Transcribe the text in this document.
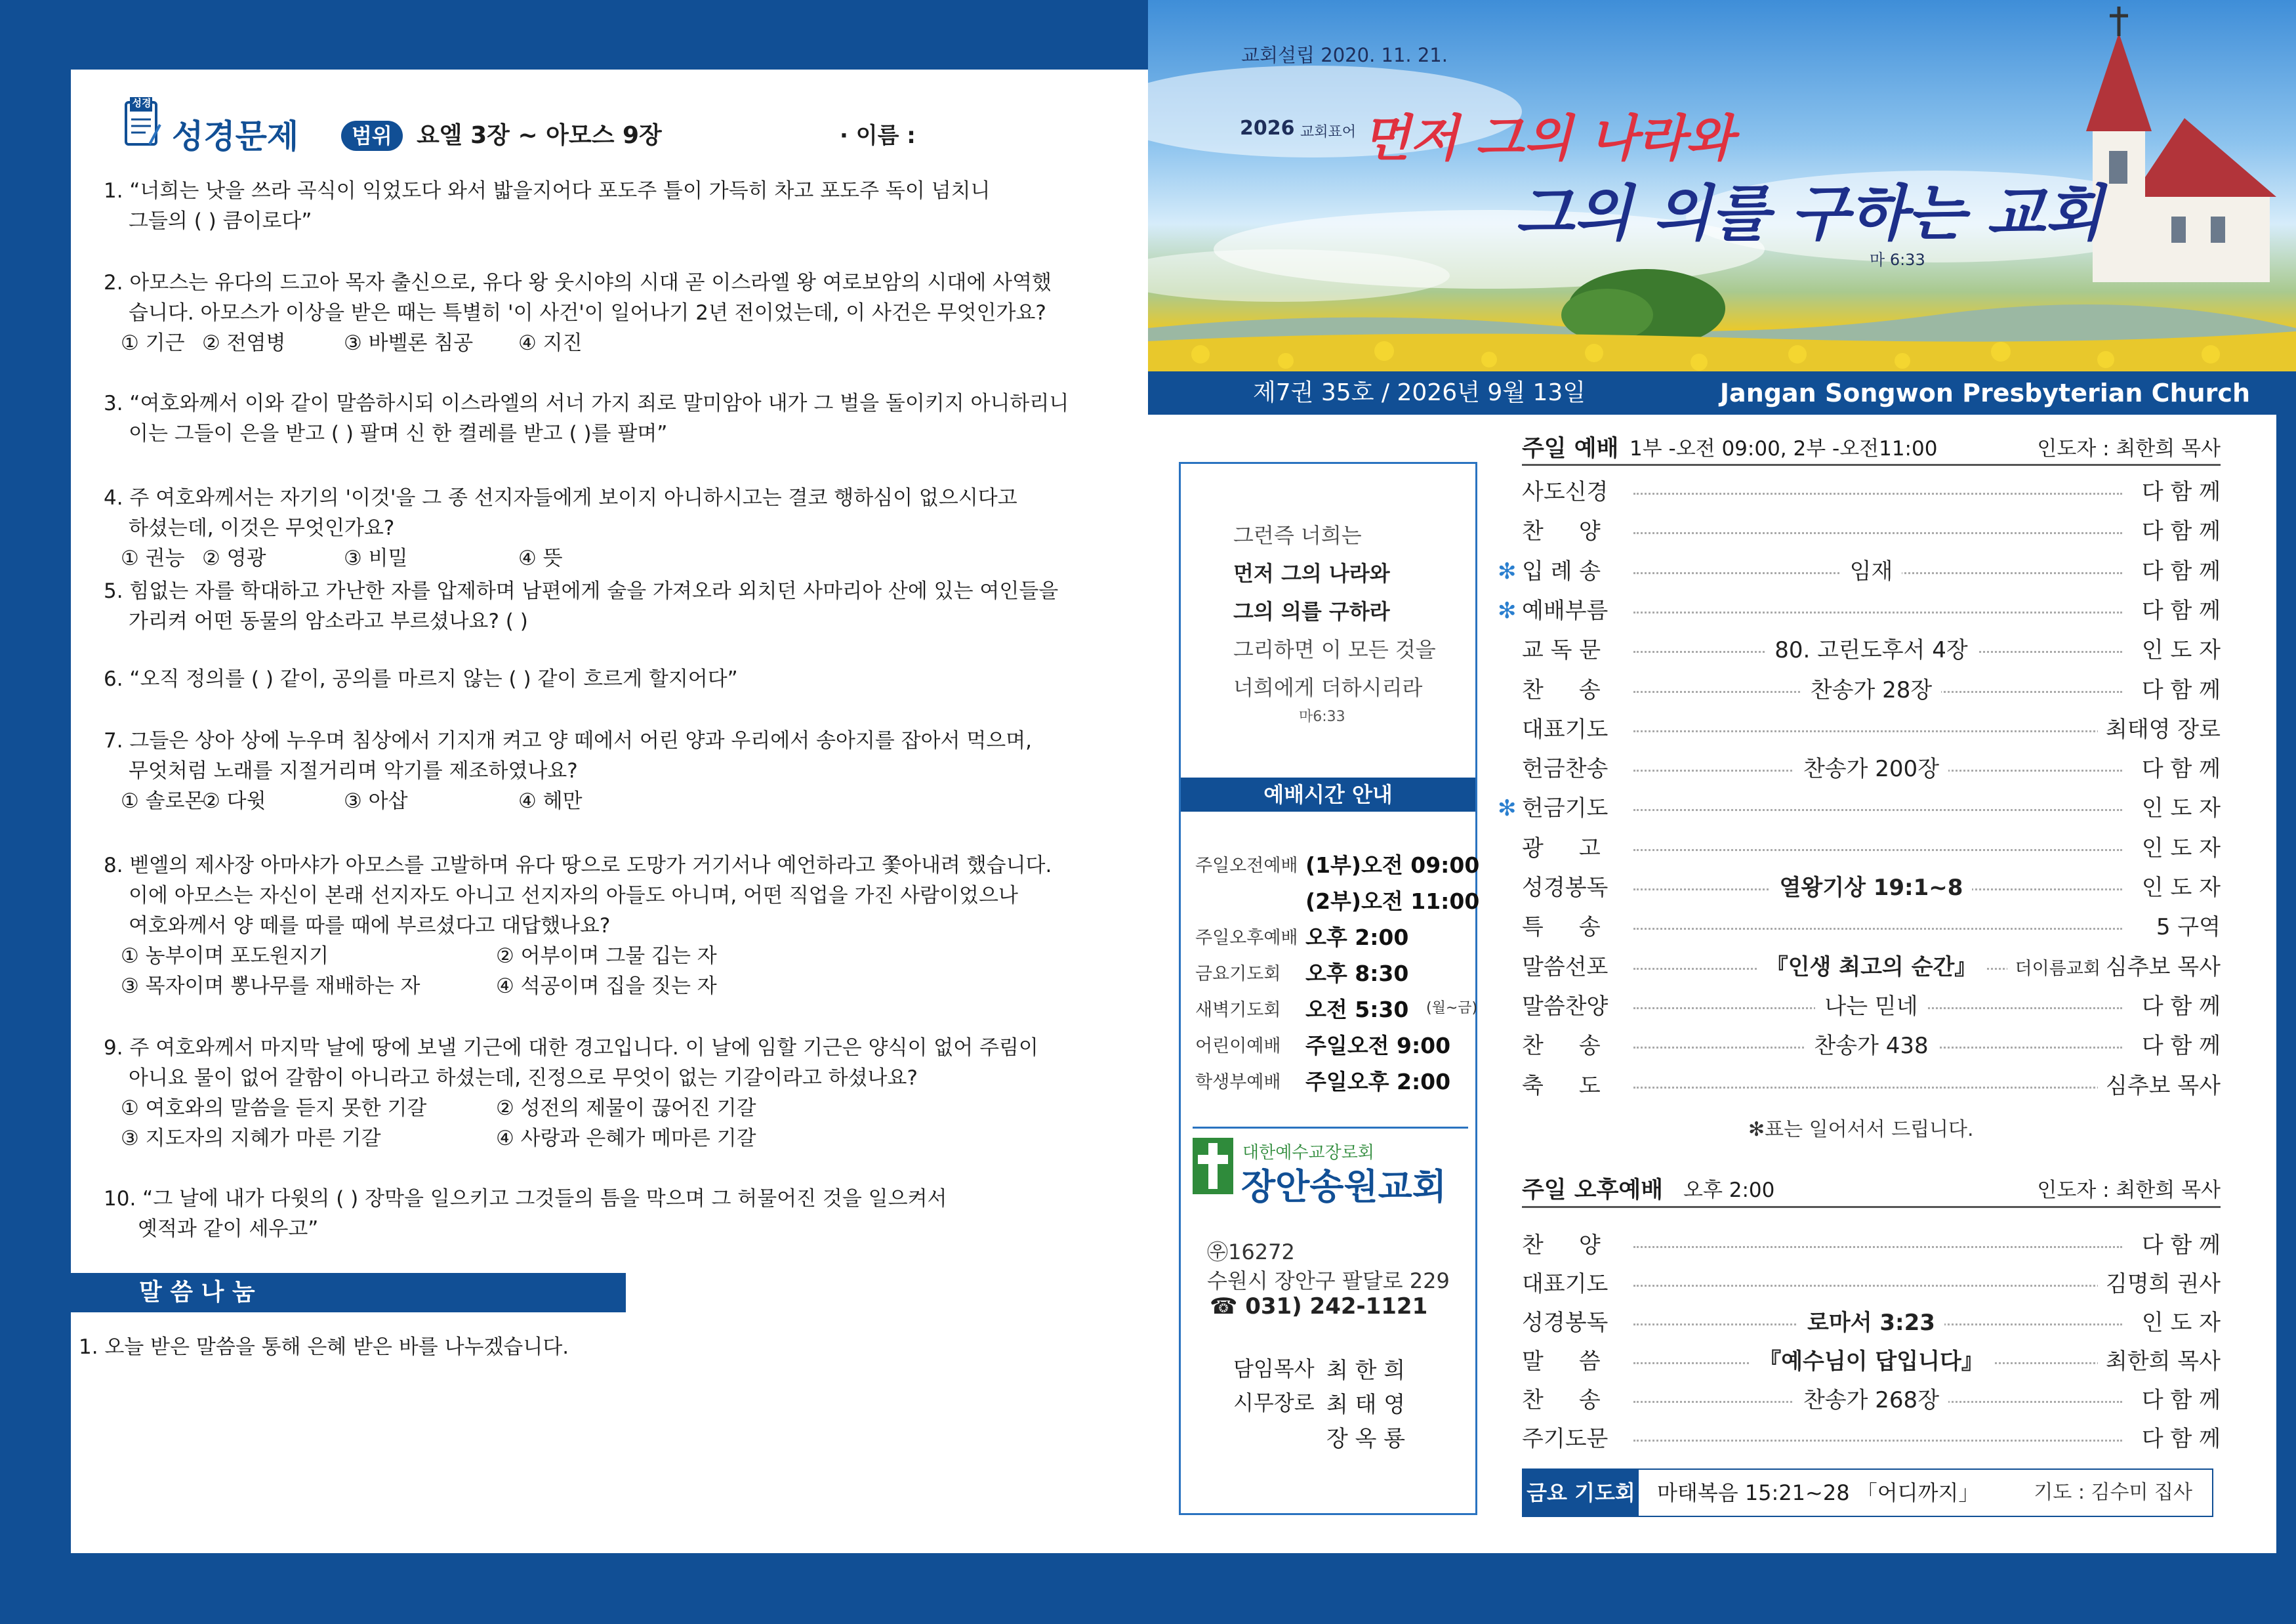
성경
성경문제	범위	요엘 3장 ~ 아모스 9장	· 이름 :
1. “너희는 낫을 쓰라 곡식이 익었도다 와서 밟을지어다 포도주 틀이 가득히 차고 포도주 독이 넘치니
그들의 ( ) 큼이로다”
2. 아모스는 유다의 드고아 목자 출신으로, 유다 왕 웃시야의 시대 곧 이스라엘 왕 여로보암의 시대에 사역했
습니다. 아모스가 이상을 받은 때는 특별히 '이 사건'이 일어나기 2년 전이었는데, 이 사건은 무엇인가요?
① 기근 ② 전염병	③ 바벨론 침공 ④ 지진
3. “여호와께서 이와 같이 말씀하시되 이스라엘의 서너 가지 죄로 말미암아 내가 그 벌을 돌이키지 아니하리니
이는 그들이 은을 받고 ( ) 팔며 신 한 켤레를 받고 ( )를 팔며”
4. 주 여호와께서는 자기의 '이것'을 그 종 선지자들에게 보이지 아니하시고는 결코 행하심이 없으시다고
하셨는데, 이것은 무엇인가요?
① 권능 ② 영광	③ 비밀	④ 뜻
5. 힘없는 자를 학대하고 가난한 자를 압제하며 남편에게 술을 가져오라 외치던 사마리아 산에 있는 여인들을
가리켜 어떤 동물의 암소라고 부르셨나요? ( )
6. “오직 정의를 ( ) 같이, 공의를 마르지 않는 ( ) 같이 흐르게 할지어다”
7. 그들은 상아 상에 누우며 침상에서 기지개 켜고 양 떼에서 어린 양과 우리에서 송아지를 잡아서 먹으며,
무엇처럼 노래를 지절거리며 악기를 제조하였나요?
① 솔로몬
② 다윗	③ 아삽	④ 헤만
8. 벧엘의 제사장 아마샤가 아모스를 고발하며 유다 땅으로 도망가 거기서나 예언하라고 쫓아내려 했습니다.
이에 아모스는 자신이 본래 선지자도 아니고 선지자의 아들도 아니며, 어떤 직업을 가진 사람이었으나
여호와께서 양 떼를 따를 때에 부르셨다고 대답했나요?
① 농부이며 포도원지기	② 어부이며 그물 깁는 자
③ 목자이며 뽕나무를 재배하는 자	④ 석공이며 집을 짓는 자
9. 주 여호와께서 마지막 날에 땅에 보낼 기근에 대한 경고입니다. 이 날에 임할 기근은 양식이 없어 주림이
아니요 물이 없어 갈함이 아니라고 하셨는데, 진정으로 무엇이 없는 기갈이라고 하셨나요?
① 여호와의 말씀을 듣지 못한 기갈	② 성전의 제물이 끊어진 기갈
③ 지도자의 지혜가 마른 기갈	④ 사랑과 은혜가 메마른 기갈
10. “그 날에 내가 다윗의 ( ) 장막을 일으키고 그것들의 틈을 막으며 그 허물어진 것을 일으켜서
옛적과 같이 세우고”
말 씀 나 눔
1. 오늘 받은 말씀을 통해 은혜 받은 바를 나누겠습니다.
교회설립 2020. 11. 21.
2026 교회표어 먼저 그의 나라와
그의 의를 구하는 교회
마 6:33
제7권 35호 / 2026년 9월 13일	Jangan Songwon Presbyterian Church
그런즉 너희는
먼저 그의 나라와
그의 의를 구하라
그리하면 이 모든 것을
너희에게 더하시리라
마6:33
예배시간 안내
주일오전예배 (1부)오전 09:00
(2부)오전 11:00
주일오후예배 오후 2:00
금요기도회 오후 8:30
새벽기도회 오전 5:30 (월~금)
어린이예배 주일오전 9:00
학생부예배 주일오후 2:00
대한예수교장로회
장안송원교회
㉾16272
수원시 장안구 팔달로 229
☎ 031) 242-1121
담임목사 최 한 희
시무장로 최 태 영
장 옥 룡
주일 예배 1부 -오전 09:00, 2부 -오전11:00	인도자 : 최한희 목사
사도신경	다 함 께
찬     양	다 함 께
✻ 입 례 송	임재	다 함 께
✻ 예배부름	다 함 께
교 독 문	80. 고린도후서 4장	인 도 자
찬     송	찬송가 28장	다 함 께
대표기도	최태영 장로
헌금찬송	찬송가 200장	다 함 께
✻ 헌금기도	인 도 자
광     고	인 도 자
성경봉독	열왕기상 19:1~8	인 도 자
특     송	5 구역
말씀선포	『인생 최고의 순간』	더이름교회 심추보 목사
말씀찬양	나는 믿네	다 함 께
찬     송	찬송가 438	다 함 께
축     도	심추보 목사
✻표는 일어서서 드립니다.
주일 오후예배 오후 2:00	인도자 : 최한희 목사
찬     양	다 함 께
대표기도	김명희 권사
성경봉독	로마서 3:23	인 도 자
말     씀	『예수님이 답입니다』	최한희 목사
찬     송	찬송가 268장	다 함 께
주기도문	다 함 께
금요 기도회 마태복음 15:21~28 「어디까지」	기도 : 김수미 집사
